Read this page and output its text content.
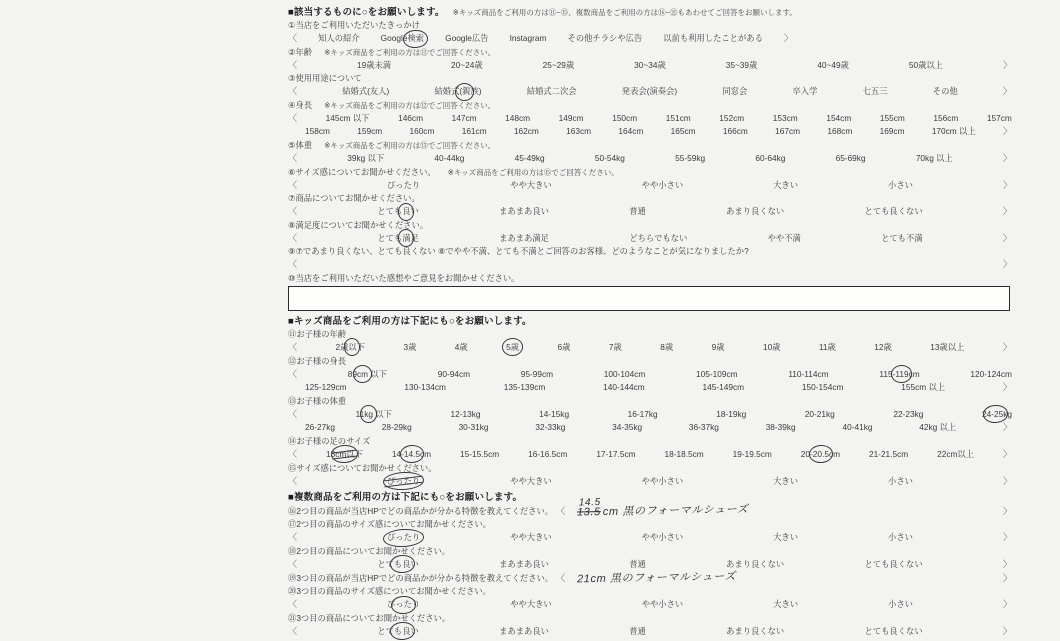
■該当するものに○をお願いします。 ※キッズ商品をご利用の方は⑪~⑮、複数商品をご利用の方は⑯~㉑もあわせてご回答をお願いします。
①当店をご利用いただいたきっかけ
〈	知人の紹介	Google検索	Google広告	Instagram	その他チラシや広告	以前も利用したことがある 〉
②年齢 ※キッズ商品をご利用の方は⑪でご回答ください。
〈	19歳未満	20~24歳	25~29歳	30~34歳	35~39歳	40~49歳	50歳以上	〉
③使用用途について
〈	結婚式(友人)	結婚式(親族)	結婚式二次会	発表会(演奏会)	同窓会	卒入学	七五三	その他	〉
④身長 ※キッズ商品をご利用の方は⑫でご回答ください。
〈	145cm 以下	146cm	147cm	148cm	149cm	150cm	151cm	152cm	153cm	154cm	155cm	156cm	157cm
158cm	159cm	160cm	161cm	162cm	163cm	164cm	165cm	166cm	167cm	168cm	169cm	170cm 以上	〉
⑤体重 ※キッズ商品をご利用の方は⑬でご回答ください。
〈	39kg 以下	40-44kg	45-49kg	50-54kg	55-59kg	60-64kg	65-69kg	70kg 以上	〉
⑥サイズ感についてお聞かせください。 ※キッズ商品をご利用の方は⑮でご回答ください。
〈	ぴったり	やや大きい	やや小さい	大きい	小さい	〉
⑦商品についてお聞かせください。
〈	とても良い	まあまあ良い	普通	あまり良くない	とても良くない	〉
⑧満足度についてお聞かせください。
〈	とても満足	まあまあ満足	どちらでもない	やや不満	とても不満	〉
⑨⑦であまり良くない、とても良くない ⑧でやや不満、とても不満とご回答のお客様、どのようなことが気になりましたか?
〈	〉
⑩当店をご利用いただいた感想やご意見をお聞かせください。
■キッズ商品をご利用の方は下記にも○をお願いします。
⑪お子様の年齢
〈	2歳以下	3歳	4歳	5歳	6歳	7歳	8歳	9歳	10歳	11歳	12歳	13歳以上	〉
⑫お子様の身長
〈	89cm 以下	90-94cm	95-99cm	100-104cm	105-109cm	110-114cm	115-119cm	120-124cm
125-129cm	130-134cm	135-139cm	140-144cm	145-149cm	150-154cm	155cm 以上	〉
⑬お子様の体重
〈	11kg 以下	12-13kg	14-15kg	16-17kg	18-19kg	20-21kg	22-23kg	24-25kg
26-27kg	28-29kg	30-31kg	32-33kg	34-35kg	36-37kg	38-39kg	40-41kg	42kg 以上	〉
⑭お子様の足のサイズ
〈	13cm以下	14-14.5cm	15-15.5cm	16-16.5cm	17-17.5cm	18-18.5cm	19-19.5cm	20-20.5cm	21-21.5cm	22cm以上	〉
⑮サイズ感についてお聞かせください。
〈	ぴったり	やや大きい	やや小さい	大きい	小さい	〉
■複数商品をご利用の方は下記にも○をお願いします。
⑯ 2つ目の商品が当店HPでどの商品かが分かる特徴を教えてください。 〈
14.5
13.5 cm 黒のフォーマルシューズ	〉
⑰2つ目の商品のサイズ感についてお聞かせください。
〈	ぴったり	やや大きい	やや小さい	大きい	小さい	〉
⑱2つ目の商品についてお聞かせください。
〈	とても良い	まあまあ良い	普通	あまり良くない	とても良くない	〉
⑲ 3つ目の商品が当店HPでどの商品かが分かる特徴を教えてください。 〈 21cm 黒のフォーマルシューズ	〉
⑳3つ目の商品のサイズ感についてお聞かせください。
〈	ぴったり	やや大きい	やや小さい	大きい	小さい	〉
㉑3つ目の商品についてお聞かせください。
〈	とても良い	まあまあ良い	普通	あまり良くない	とても良くない	〉
